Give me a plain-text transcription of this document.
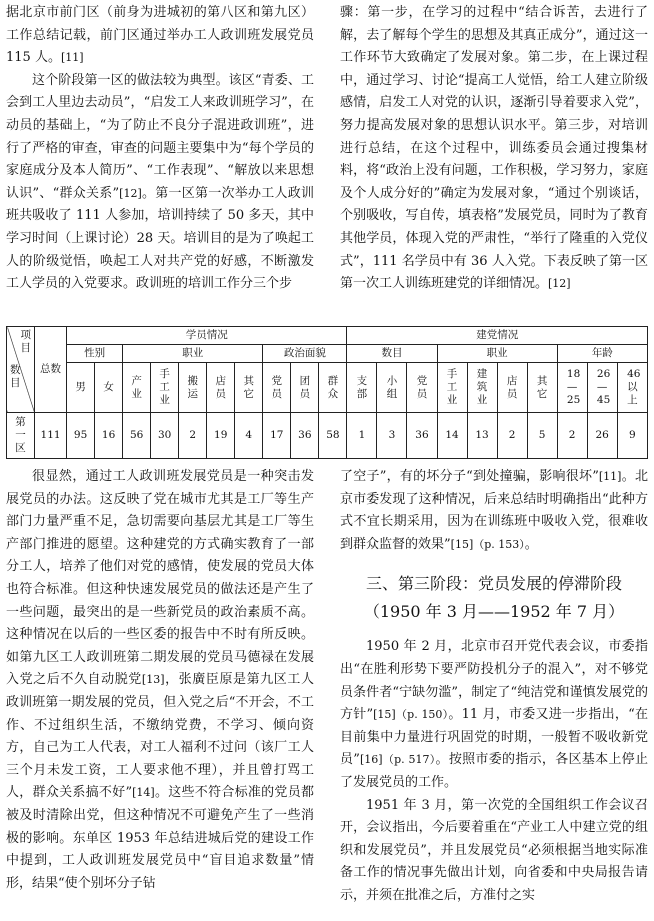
据北京市前门区（前身为进城初的第八区和第九区）工作总结记载，前门区通过举办工人政训班发展党员 115 人。[11]

这个阶段第一区的做法较为典型。该区“青委、工会到工人里边去动员”，“启发工人来政训班学习”，在动员的基础上，“为了防止不良分子混进政训班”，进行了严格的审查，审查的问题主要集中为“每个学员的家庭成分及本人简历”、“工作表现”、“解放以来思想认识”、“群众关系”[12]。第一区第一次举办工人政训班共吸收了 111 人参加，培训持续了 50 多天，其中学习时间（上课讨论）28 天。培训目的是为了唤起工人的阶级觉悟，唤起工人对共产党的好感，不断激发工人学员的入党要求。政训班的培训工作分三个步

骤：第一步，在学习的过程中“结合诉苦，去进行了解，去了解每个学生的思想及其真正成分”，通过这一工作环节大致确定了发展对象。第二步，在上课过程中，通过学习、讨论“提高工人觉悟，给工人建立阶级感情，启发工人对党的认识，逐渐引导着要求入党”，努力提高发展对象的思想认识水平。第三步，对培训进行总结，在这个过程中，训练委员会通过搜集材料，将“政治上没有问题，工作积极，学习努力，家庭及个人成分好的”确定为发展对象，“通过个别谈话，个别吸收，写自传，填表格”发展党员，同时为了教育其他学员，体现入党的严肃性，“举行了隆重的入党仪式”，111 名学员中有 36 人入党。下表反映了第一区第一次工人训练班建党的详细情况。[12]

项目
数目	总数	学员情况										建党情况									
		性别		职业					政治面貌			数目			职业				年龄		
		男	女	产业	手工业	搬运	店员	其它	党员	团员	群众	支部	小组	党员	手工业	建筑业	店员	其它	18—25	26—45	46以上
第一区	111	95	16	56	30	2	19	4	17	36	58	1	3	36	14	13	2	5	2	26	9

很显然，通过工人政训班发展党员是一种突击发展党员的办法。这反映了党在城市尤其是工厂等生产部门力量严重不足，急切需要向基层尤其是工厂等生产部门推进的愿望。这种建党的方式确实教育了一部分工人，培养了他们对党的感情，使发展的党员大体也符合标准。但这种快速发展党员的做法还是产生了一些问题，最突出的是一些新党员的政治素质不高。这种情况在以后的一些区委的报告中不时有所反映。如第九区工人政训班第二期发展的党员马德禄在发展入党之后不久自动脱党[13]，张廣臣原是第九区工人政训班第一期发展的党员，但入党之后“不开会，不工作、不过组织生活，不缴纳党费，不学习、倾向资方，自己为工人代表，对工人福利不过问（该厂工人三个月未发工资，工人要求他不理），并且曾打骂工人，群众关系搞不好”[14]。这些不符合标准的党员都被及时清除出党，但这种情况不可避免产生了一些消极的影响。东单区 1953 年总结进城后党的建设工作中提到，工人政训班发展党员中“盲目追求数量”情形，结果“使个别坏分子钻

了空子”，有的坏分子“到处撞骗，影响很坏”[11]。北京市委发现了这种情况，后来总结时明确指出“此种方式不宜长期采用，因为在训练班中吸收入党，很难收到群众监督的效果”[15]（p. 153）。

三、第三阶段：党员发展的停滞阶段
（1950 年 3 月——1952 年 7 月）

1950 年 2 月，北京市召开党代表会议，市委指出“在胜利形势下要严防投机分子的混入”，对不够党员条件者“宁缺勿滥”，制定了“纯洁党和谨慎发展党的方针”[15]（p. 150）。11 月，市委又进一步指出，“在目前集中力量进行巩固党的时期，一般暂不吸收新党员”[16]（p. 517）。按照市委的指示，各区基本上停止了发展党员的工作。

1951 年 3 月，第一次党的全国组织工作会议召开，会议指出，今后要着重在“产业工人中建立党的组织和发展党员”，并且发展党员“必须根据当地实际准备工作的情况事先做出计划，向省委和中央局报告请示，并须在批准之后，方准付之实
